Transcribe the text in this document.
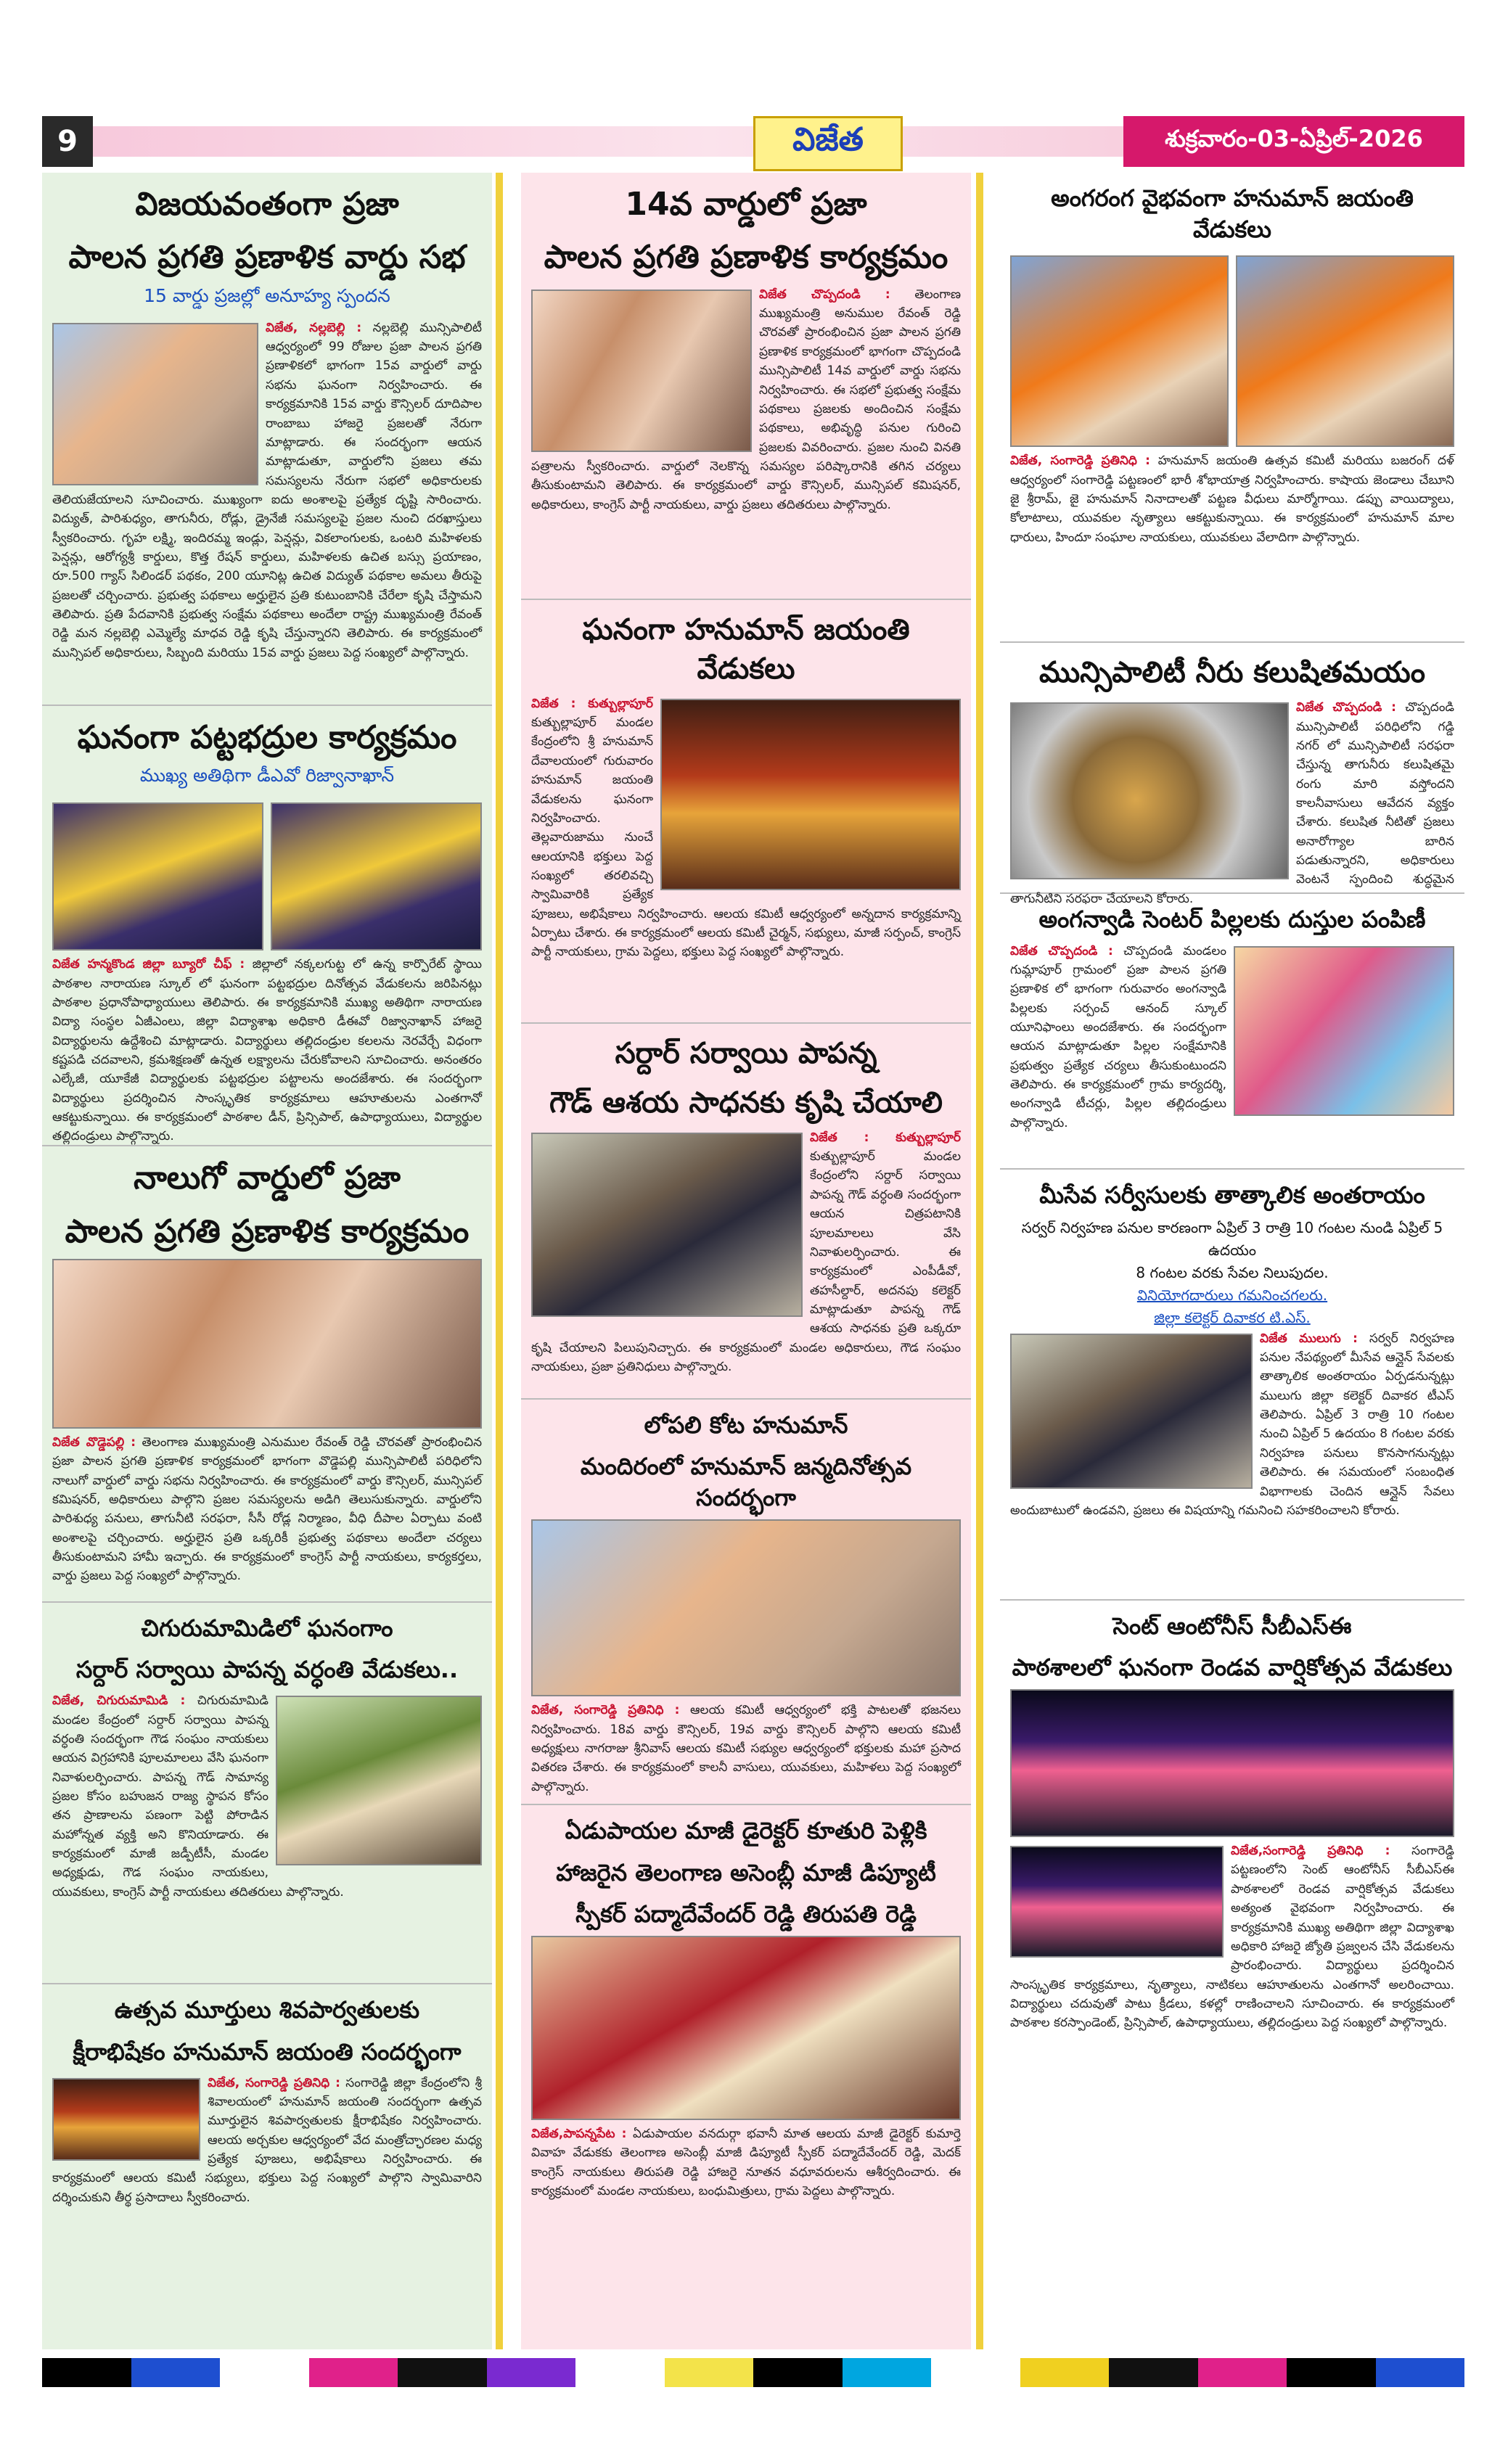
9	విజేత	శుక్రవారం-03-ఏప్రిల్-2026
విజయవంతంగా ప్రజా
పాలన ప్రగతి ప్రణాళిక వార్డు సభ
15 వార్డు ప్రజల్లో అనూహ్య స్పందన
విజేత, నల్లబెల్లి : నల్లబెల్లి మున్సిపాలిటీ ఆధ్వర్యంలో 99 రోజుల ప్రజా పాలన ప్రగతి ప్రణాళికలో భాగంగా 15వ వార్డులో వార్డు సభను ఘనంగా నిర్వహించారు. ఈ కార్యక్రమానికి 15వ వార్డు కౌన్సిలర్ దూదిపాల రాంబాబు హాజరై ప్రజలతో నేరుగా మాట్లాడారు. ఈ సందర్భంగా ఆయన మాట్లాడుతూ, వార్డులోని ప్రజలు తమ సమస్యలను నేరుగా సభలో అధికారులకు తెలియజేయాలని సూచించారు. ముఖ్యంగా ఐదు అంశాలపై ప్రత్యేక దృష్టి సారించారు. విద్యుత్, పారిశుధ్యం, తాగునీరు, రోడ్లు, డ్రైనేజీ సమస్యలపై ప్రజల నుంచి దరఖాస్తులు స్వీకరించారు. గృహ లక్ష్మి, ఇందిరమ్మ ఇండ్లు, పెన్షన్లు, వికలాంగులకు, ఒంటరి మహిళలకు పెన్షన్లు, ఆరోగ్యశ్రీ కార్డులు, కొత్త రేషన్ కార్డులు, మహిళలకు ఉచిత బస్సు ప్రయాణం, రూ.500 గ్యాస్ సిలిండర్ పథకం, 200 యూనిట్ల ఉచిత విద్యుత్ పథకాల అమలు తీరుపై ప్రజలతో చర్చించారు. ప్రభుత్వ పథకాలు అర్హులైన ప్రతి కుటుంబానికి చేరేలా కృషి చేస్తామని తెలిపారు. ప్రతి పేదవానికి ప్రభుత్వ సంక్షేమ పథకాలు అందేలా రాష్ట్ర ముఖ్యమంత్రి రేవంత్ రెడ్డి మన నల్లబెల్లి ఎమ్మెల్యే మాధవ రెడ్డి కృషి చేస్తున్నారని తెలిపారు. ఈ కార్యక్రమంలో మున్సిపల్ అధికారులు, సిబ్బంది మరియు 15వ వార్డు ప్రజలు పెద్ద సంఖ్యలో పాల్గొన్నారు.
ఘనంగా పట్టభద్రుల కార్యక్రమం
ముఖ్య అతిథిగా డీఎవో రిజ్వానాఖాన్
విజేత హన్మకొండ జిల్లా బ్యూరో చీఫ్ : జిల్లాలో నక్కలగుట్ట లో ఉన్న కార్పొరేట్ స్థాయి పాఠశాల నారాయణ స్కూల్ లో ఘనంగా పట్టభద్రుల దినోత్సవ వేడుకలను జరిపినట్లు పాఠశాల ప్రధానోపాధ్యాయులు తెలిపారు. ఈ కార్యక్రమానికి ముఖ్య అతిథిగా నారాయణ విద్యా సంస్థల ఏజీఎంలు, జిల్లా విద్యాశాఖ అధికారి డీఈవో రిజ్వానాఖాన్ హాజరై విద్యార్థులను ఉద్దేశించి మాట్లాడారు. విద్యార్థులు తల్లిదండ్రుల కలలను నెరవేర్చే విధంగా కష్టపడి చదవాలని, క్రమశిక్షణతో ఉన్నత లక్ష్యాలను చేరుకోవాలని సూచించారు. అనంతరం ఎల్కేజీ, యూకేజీ విద్యార్థులకు పట్టభద్రుల పట్టాలను అందజేశారు. ఈ సందర్భంగా విద్యార్థులు ప్రదర్శించిన సాంస్కృతిక కార్యక్రమాలు ఆహూతులను ఎంతగానో ఆకట్టుకున్నాయి. ఈ కార్యక్రమంలో పాఠశాల డీన్, ప్రిన్సిపాల్, ఉపాధ్యాయులు, విద్యార్థుల తల్లిదండ్రులు పాల్గొన్నారు.
నాలుగో వార్డులో ప్రజా
పాలన ప్రగతి ప్రణాళిక కార్యక్రమం
విజేత వొడ్డెపల్లి : తెలంగాణ ముఖ్యమంత్రి ఎనుముల రేవంత్ రెడ్డి చొరవతో ప్రారంభించిన ప్రజా పాలన ప్రగతి ప్రణాళిక కార్యక్రమంలో భాగంగా వొడ్డెపల్లి మున్సిపాలిటీ పరిధిలోని నాలుగో వార్డులో వార్డు సభను నిర్వహించారు. ఈ కార్యక్రమంలో వార్డు కౌన్సిలర్, మున్సిపల్ కమిషనర్, అధికారులు పాల్గొని ప్రజల సమస్యలను అడిగి తెలుసుకున్నారు. వార్డులోని పారిశుధ్య పనులు, తాగునీటి సరఫరా, సీసీ రోడ్ల నిర్మాణం, వీధి దీపాల ఏర్పాటు వంటి అంశాలపై చర్చించారు. అర్హులైన ప్రతి ఒక్కరికీ ప్రభుత్వ పథకాలు అందేలా చర్యలు తీసుకుంటామని హామీ ఇచ్చారు. ఈ కార్యక్రమంలో కాంగ్రెస్ పార్టీ నాయకులు, కార్యకర్తలు, వార్డు ప్రజలు పెద్ద సంఖ్యలో పాల్గొన్నారు.
చిగురుమామిడిలో ఘనంగాం
సర్దార్ సర్వాయి పాపన్న వర్ధంతి వేడుకలు..
విజేత, చిగురుమామిడి : చిగురుమామిడి మండల కేంద్రంలో సర్దార్ సర్వాయి పాపన్న వర్ధంతి సందర్భంగా గౌడ సంఘం నాయకులు ఆయన విగ్రహానికి పూలమాలలు వేసి ఘనంగా నివాళులర్పించారు. పాపన్న గౌడ్ సామాన్య ప్రజల కోసం బహుజన రాజ్య స్థాపన కోసం తన ప్రాణాలను పణంగా పెట్టి పోరాడిన మహోన్నత వ్యక్తి అని కొనియాడారు. ఈ కార్యక్రమంలో మాజీ జడ్పీటీసీ, మండల అధ్యక్షుడు, గౌడ సంఘం నాయకులు, యువకులు, కాంగ్రెస్ పార్టీ నాయకులు తదితరులు పాల్గొన్నారు.
ఉత్సవ మూర్తులు శివపార్వతులకు
క్షీరాభిషేకం హనుమాన్ జయంతి సందర్భంగా
విజేత, సంగారెడ్డి ప్రతినిధి : సంగారెడ్డి జిల్లా కేంద్రంలోని శ్రీ శివాలయంలో హనుమాన్ జయంతి సందర్భంగా ఉత్సవ మూర్తులైన శివపార్వతులకు క్షీరాభిషేకం నిర్వహించారు. ఆలయ అర్చకుల ఆధ్వర్యంలో వేద మంత్రోచ్ఛారణల మధ్య ప్రత్యేక పూజలు, అభిషేకాలు నిర్వహించారు. ఈ కార్యక్రమంలో ఆలయ కమిటీ సభ్యులు, భక్తులు పెద్ద సంఖ్యలో పాల్గొని స్వామివారిని దర్శించుకుని తీర్థ ప్రసాదాలు స్వీకరించారు.
14వ వార్డులో ప్రజా
పాలన ప్రగతి ప్రణాళిక కార్యక్రమం
విజేత చొప్పదండి : తెలంగాణ ముఖ్యమంత్రి అనుముల రేవంత్ రెడ్డి చొరవతో ప్రారంభించిన ప్రజా పాలన ప్రగతి ప్రణాళిక కార్యక్రమంలో భాగంగా చొప్పదండి మున్సిపాలిటీ 14వ వార్డులో వార్డు సభను నిర్వహించారు. ఈ సభలో ప్రభుత్వ సంక్షేమ పథకాలు ప్రజలకు అందించిన సంక్షేమ పథకాలు, అభివృద్ధి పనుల గురించి ప్రజలకు వివరించారు. ప్రజల నుంచి వినతి పత్రాలను స్వీకరించారు. వార్డులో నెలకొన్న సమస్యల పరిష్కారానికి తగిన చర్యలు తీసుకుంటామని తెలిపారు. ఈ కార్యక్రమంలో వార్డు కౌన్సిలర్, మున్సిపల్ కమిషనర్, అధికారులు, కాంగ్రెస్ పార్టీ నాయకులు, వార్డు ప్రజలు తదితరులు పాల్గొన్నారు.
ఘనంగా హనుమాన్ జయంతి వేడుకలు
విజేత : కుత్బుల్లాపూర్ కుత్బుల్లాపూర్ మండల కేంద్రంలోని శ్రీ హనుమాన్ దేవాలయంలో గురువారం హనుమాన్ జయంతి వేడుకలను ఘనంగా నిర్వహించారు. తెల్లవారుజాము నుంచే ఆలయానికి భక్తులు పెద్ద సంఖ్యలో తరలివచ్చి స్వామివారికి ప్రత్యేక పూజలు, అభిషేకాలు నిర్వహించారు. ఆలయ కమిటీ ఆధ్వర్యంలో అన్నదాన కార్యక్రమాన్ని ఏర్పాటు చేశారు. ఈ కార్యక్రమంలో ఆలయ కమిటీ చైర్మన్, సభ్యులు, మాజీ సర్పంచ్, కాంగ్రెస్ పార్టీ నాయకులు, గ్రామ పెద్దలు, భక్తులు పెద్ద సంఖ్యలో పాల్గొన్నారు.
సర్దార్ సర్వాయి పాపన్న
గౌడ్ ఆశయ సాధనకు కృషి చేయాలి
విజేత : కుత్బుల్లాపూర్ కుత్బుల్లాపూర్ మండల కేంద్రంలోని సర్దార్ సర్వాయి పాపన్న గౌడ్ వర్ధంతి సందర్భంగా ఆయన చిత్రపటానికి పూలమాలలు వేసి నివాళులర్పించారు. ఈ కార్యక్రమంలో ఎంపీడీవో, తహసీల్దార్, అదనపు కలెక్టర్ మాట్లాడుతూ పాపన్న గౌడ్ ఆశయ సాధనకు ప్రతి ఒక్కరూ కృషి చేయాలని పిలుపునిచ్చారు. ఈ కార్యక్రమంలో మండల అధికారులు, గౌడ సంఘం నాయకులు, ప్రజా ప్రతినిధులు పాల్గొన్నారు.
లోపలి కోట హనుమాన్
మందిరంలో హనుమాన్ జన్మదినోత్సవ సందర్భంగా
విజేత, సంగారెడ్డి ప్రతినిధి : ఆలయ కమిటీ ఆధ్వర్యంలో భక్తి పాటలతో భజనలు నిర్వహించారు. 18వ వార్డు కౌన్సిలర్, 19వ వార్డు కౌన్సిలర్ పాల్గొని ఆలయ కమిటీ అధ్యక్షులు నాగరాజు శ్రీనివాస్ ఆలయ కమిటీ సభ్యుల ఆధ్వర్యంలో భక్తులకు మహా ప్రసాద వితరణ చేశారు. ఈ కార్యక్రమంలో కాలనీ వాసులు, యువకులు, మహిళలు పెద్ద సంఖ్యలో పాల్గొన్నారు.
ఏడుపాయల మాజీ డైరెక్టర్ కూతురి పెళ్లికి
హాజరైన తెలంగాణ అసెంబ్లీ మాజీ డిప్యూటీ
స్పీకర్ పద్మాదేవేందర్ రెడ్డి తిరుపతి రెడ్డి
విజేత,పాపన్నపేట : ఏడుపాయల వనదుర్గా భవానీ మాత ఆలయ మాజీ డైరెక్టర్ కుమార్తె వివాహ వేడుకకు తెలంగాణ అసెంబ్లీ మాజీ డిప్యూటీ స్పీకర్ పద్మాదేవేందర్ రెడ్డి, మెదక్ కాంగ్రెస్ నాయకులు తిరుపతి రెడ్డి హాజరై నూతన వధూవరులను ఆశీర్వదించారు. ఈ కార్యక్రమంలో మండల నాయకులు, బంధుమిత్రులు, గ్రామ పెద్దలు పాల్గొన్నారు.
అంగరంగ వైభవంగా హనుమాన్ జయంతి వేడుకలు
విజేత, సంగారెడ్డి ప్రతినిధి : హనుమాన్ జయంతి ఉత్సవ కమిటీ మరియు బజరంగ్ దళ్ ఆధ్వర్యంలో సంగారెడ్డి పట్టణంలో భారీ శోభాయాత్ర నిర్వహించారు. కాషాయ జెండాలు చేబూని జై శ్రీరామ్, జై హనుమాన్ నినాదాలతో పట్టణ వీధులు మార్మోగాయి. డప్పు వాయిద్యాలు, కోలాటాలు, యువకుల నృత్యాలు ఆకట్టుకున్నాయి. ఈ కార్యక్రమంలో హనుమాన్ మాల ధారులు, హిందూ సంఘాల నాయకులు, యువకులు వేలాదిగా పాల్గొన్నారు.
మున్సిపాలిటీ నీరు కలుషితమయం
విజేత చొప్పదండి : చొప్పదండి మున్సిపాలిటీ పరిధిలోని గడ్డి నగర్ లో మున్సిపాలిటీ సరఫరా చేస్తున్న తాగునీరు కలుషితమై రంగు మారి వస్తోందని కాలనీవాసులు ఆవేదన వ్యక్తం చేశారు. కలుషిత నీటితో ప్రజలు అనారోగ్యాల బారిన పడుతున్నారని, అధికారులు వెంటనే స్పందించి శుద్ధమైన తాగునీటిని సరఫరా చేయాలని కోరారు.
అంగన్వాడి సెంటర్ పిల్లలకు దుస్తుల పంపిణీ
విజేత చొప్పదండి : చొప్పదండి మండలం గుమ్లాపూర్ గ్రామంలో ప్రజా పాలన ప్రగతి ప్రణాళిక లో భాగంగా గురువారం అంగన్వాడి పిల్లలకు సర్పంచ్ ఆనంద్ స్కూల్ యూనిఫాంలు అందజేశారు. ఈ సందర్భంగా ఆయన మాట్లాడుతూ పిల్లల సంక్షేమానికి ప్రభుత్వం ప్రత్యేక చర్యలు తీసుకుంటుందని తెలిపారు. ఈ కార్యక్రమంలో గ్రామ కార్యదర్శి, అంగన్వాడి టీచర్లు, పిల్లల తల్లిదండ్రులు పాల్గొన్నారు.
మీసేవ సర్వీసులకు తాత్కాలిక అంతరాయం
సర్వర్ నిర్వహణ పనుల కారణంగా ఏప్రిల్ 3 రాత్రి 10 గంటల నుండి ఏప్రిల్ 5 ఉదయం
8 గంటల వరకు సేవల నిలుపుదల.
వినియోగదారులు గమనించగలరు.
జిల్లా కలెక్టర్ దివాకర టి.ఎస్.
విజేత ములుగు : సర్వర్ నిర్వహణ పనుల నేపథ్యంలో మీసేవ ఆన్లైన్ సేవలకు తాత్కాలిక అంతరాయం ఏర్పడనున్నట్లు ములుగు జిల్లా కలెక్టర్ దివాకర టీఎస్ తెలిపారు. ఏప్రిల్ 3 రాత్రి 10 గంటల నుంచి ఏప్రిల్ 5 ఉదయం 8 గంటల వరకు నిర్వహణ పనులు కొనసాగనున్నట్లు తెలిపారు. ఈ సమయంలో సంబంధిత విభాగాలకు చెందిన ఆన్లైన్ సేవలు అందుబాటులో ఉండవని, ప్రజలు ఈ విషయాన్ని గమనించి సహకరించాలని కోరారు.
సెంట్ ఆంటోనీస్ సీబీఎస్ఈ
పాఠశాలలో ఘనంగా రెండవ వార్షికోత్సవ వేడుకలు
విజేత,సంగారెడ్డి ప్రతినిధి : సంగారెడ్డి పట్టణంలోని సెంట్ ఆంటోనీస్ సీబీఎస్ఈ పాఠశాలలో రెండవ వార్షికోత్సవ వేడుకలు అత్యంత వైభవంగా నిర్వహించారు. ఈ కార్యక్రమానికి ముఖ్య అతిథిగా జిల్లా విద్యాశాఖ అధికారి హాజరై జ్యోతి ప్రజ్వలన చేసి వేడుకలను ప్రారంభించారు. విద్యార్థులు ప్రదర్శించిన సాంస్కృతిక కార్యక్రమాలు, నృత్యాలు, నాటికలు ఆహూతులను ఎంతగానో అలరించాయి. విద్యార్థులు చదువుతో పాటు క్రీడలు, కళల్లో రాణించాలని సూచించారు. ఈ కార్యక్రమంలో పాఠశాల కరస్పాండెంట్, ప్రిన్సిపాల్, ఉపాధ్యాయులు, తల్లిదండ్రులు పెద్ద సంఖ్యలో పాల్గొన్నారు.
